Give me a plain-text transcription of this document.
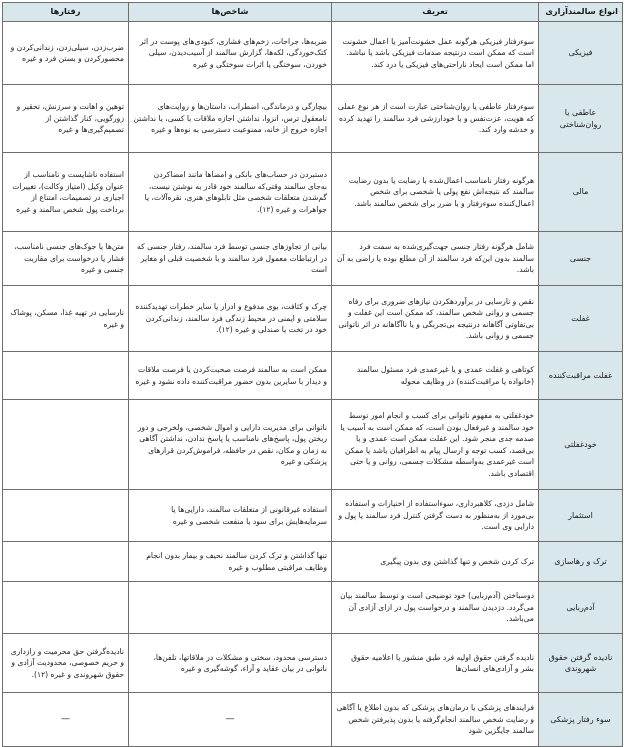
انواع سالمندآزاری	تعریف	شاخص‌ها	رفتارها
فیزیکی	سوءرفتار فیزیکی هرگونه عمل خشونت‌آمیز یا اعمال خشونت است که ممکن است درنتیجه صدمات فیزیکی باشد یا نباشد. اما ممکن است ایجاد ناراحتی‌های فیزیکی یا درد کند.	ضربه‌ها، جراحات، زخم‌های فشاری، کبودی‌های پوست در اثر کتک‌خوردگی، لکه‌ها، گزارش سالمند از آسیب‌دیدن، سیلی خوردن، سوختگی یا اثرات سوختگی و غیره	ضرب‌زدن، سیلی‌زدن، زندانی‌کردن و محصورکردن و بستن فرد و غیره
عاطفی یا روان‌شناختی	سوءرفتار عاطفی یا روان‌شناختی عبارت است از هر نوع عملی که هویت، عزت‌نفس و یا خودارزشی فرد سالمند را تهدید کرده و خدشه وارد کند.	بیچارگی و درماندگی، اضطراب، داستان‌ها و روایت‌های نامعقول ترس، انزوا، نداشتن اجازه ملاقات با کسی، یا نداشتن اجازه خروج از خانه، ممنوعیت دسترسی به نوه‌ها و غیره	توهین و اهانت و سرزنش، تحقیر و زورگویی، کنار گذاشتن از تصمیم‌گیری‌ها و غیره
مالی	هرگونه رفتار نامناسب اعمال‌شده با رضایت یا بدون رضایت سالمند که نتیجه‌اش نفع پولی یا شخصی برای شخص اعمال‌کننده سوءرفتار و یا ضرر برای شخص سالمند باشد.	دستبردن در حساب‌های بانکی و امضاها مانند امضاکردن به‌جای سالمند وقتی‌که سالمند خود قادر به نوشتن نیست، گم‌شدن متعلقات شخصی مثل تابلوهای هنری، نقره‌آلات، یا جواهرات و غیره (۱۲).	استفاده ناشایست و نامناسب از عنوان وکیل (امتیاز وکالت)، تغییرات اجباری در تصمیمات، امتناع از برداخت پول شخص سالمند و غیره
جنسی	شامل هرگونه رفتار جنسی جهت‌گیری‌شده به سمت فرد سالمند بدون این‌که فرد سالمند از آن مطلع بوده یا راضی به آن باشد.	بیانی از تجاوزهای جنسی توسط فرد سالمند، رفتار جنسی که در ارتباطات معمول فرد سالمند و با شخصیت قبلی او مغایر است	متن‌ها یا جوک‌های جنسی نامناسب، فشار یا درخواست برای مقاربت جنسی و غیره
غفلت	نقص و نارسایی در برآوردهکردن نیازهای ضروری برای رفاه جسمی و روانی شخص سالمند، که ممکن است این غفلت و بی‌تفاوتی آگاهانه درنتیجه بی‌تجربگی و یا ناآگاهانه در اثر ناتوانی جسمی و روانی باشد.	چرک و کثافت، بوی مدفوع و ادرار یا سایر خطرات تهدیدکننده سلامتی و ایمنی در محیط زندگی فرد سالمند، زندانی‌کردن خود در تخت یا صندلی و غیره (۱۲).	نارسایی در تهیه غذا، مسکن، پوشاک و غیره
غفلت مراقبت‌کننده	کوتاهی و غفلت عمدی و یا غیرعمدی فرد مسئول سالمند (خانواده یا مراقبت‌کننده) در وظایف محوله	ممکن است به سالمند فرصت صحبت‌کردن یا فرصت ملاقات و دیدار با سایرین بدون حضور مراقبت‌کننده داده نشود و غیره	
خودغفلتی	خودغفلتی به مفهوم ناتوانی برای کسب و انجام امور توسط خود سالمند و غیرفعال بودن است، که ممکن است به آسیب یا صدمه جدی منجر شود. این غفلت ممکن است عمدی و یا بی‌قصد، کسب توجه و ارسال پیام به اطرافیان باشد یا ممکن است غیرعمدی به‌واسطه مشکلات جسمی، روانی و یا حتی اقتصادی باشد.	ناتوانی برای مدیریت دارایی و اموال شخصی، ولخرجی و دور ریختن پول، پاسخ‌های نامناسب یا پاسخ ندادن، نداشتن آگاهی به زمان و مکان، نقص در حافظه، فراموش‌کردن قرارهای پزشکی و غیره	
استثمار	شامل دزدی، کلاهبرداری، سوءاستفاده از اختیارات و استفاده بی‌مورد از به‌منظور به دست گرفتن کنترل فرد سالمند یا پول و دارایی وی است.	استفاده غیرقانونی از متعلقات سالمند، دارایی‌ها یا سرمایه‌هایش برای سود یا منفعت شخصی و غیره	
ترک و رهاسازی	ترک کردن شخص و تنها گذاشتن وی بدون پیگیری	تنها گذاشتن و ترک کردن سالمند نحیف و بیمار بدون انجام وظایف مراقبتی مطلوب و غیره	
آدم‌ربایی	دوسباختن (آدم‌ربایی) خود توضیحی است و توسط سالمند بیان می‌گردد. دزدیدن سالمند و درخواست پول در ازای آزادی آن می‌باشد.		
نادیده گرفتن حقوق شهروندی	نادیده گرفتن حقوق اولیه فرد طبق منشور یا اعلامیه حقوق بشر و آزادی‌های انسان‌ها	دسترسی محدود، سختی و مشکلات در ملاقاتها، تلفن‌ها، ناتوانی در بیان عقاید و آراء، گوشه‌گیری و غیره	نادیده‌گرفتن حق محرمیت و رازداری و حریم خصوصی، محدودیت آزادی و حقوق شهروندی و غیره (۱۲).
سوء رفتار پزشکی	فرایندهای پزشکی یا درمان‌های پزشکی که بدون اطلاع یا آگاهی و رضایت شخص سالمند انجام‌گرفته یا بدون پذیرفتن شخص سالمند جایگزین شود	—	—
